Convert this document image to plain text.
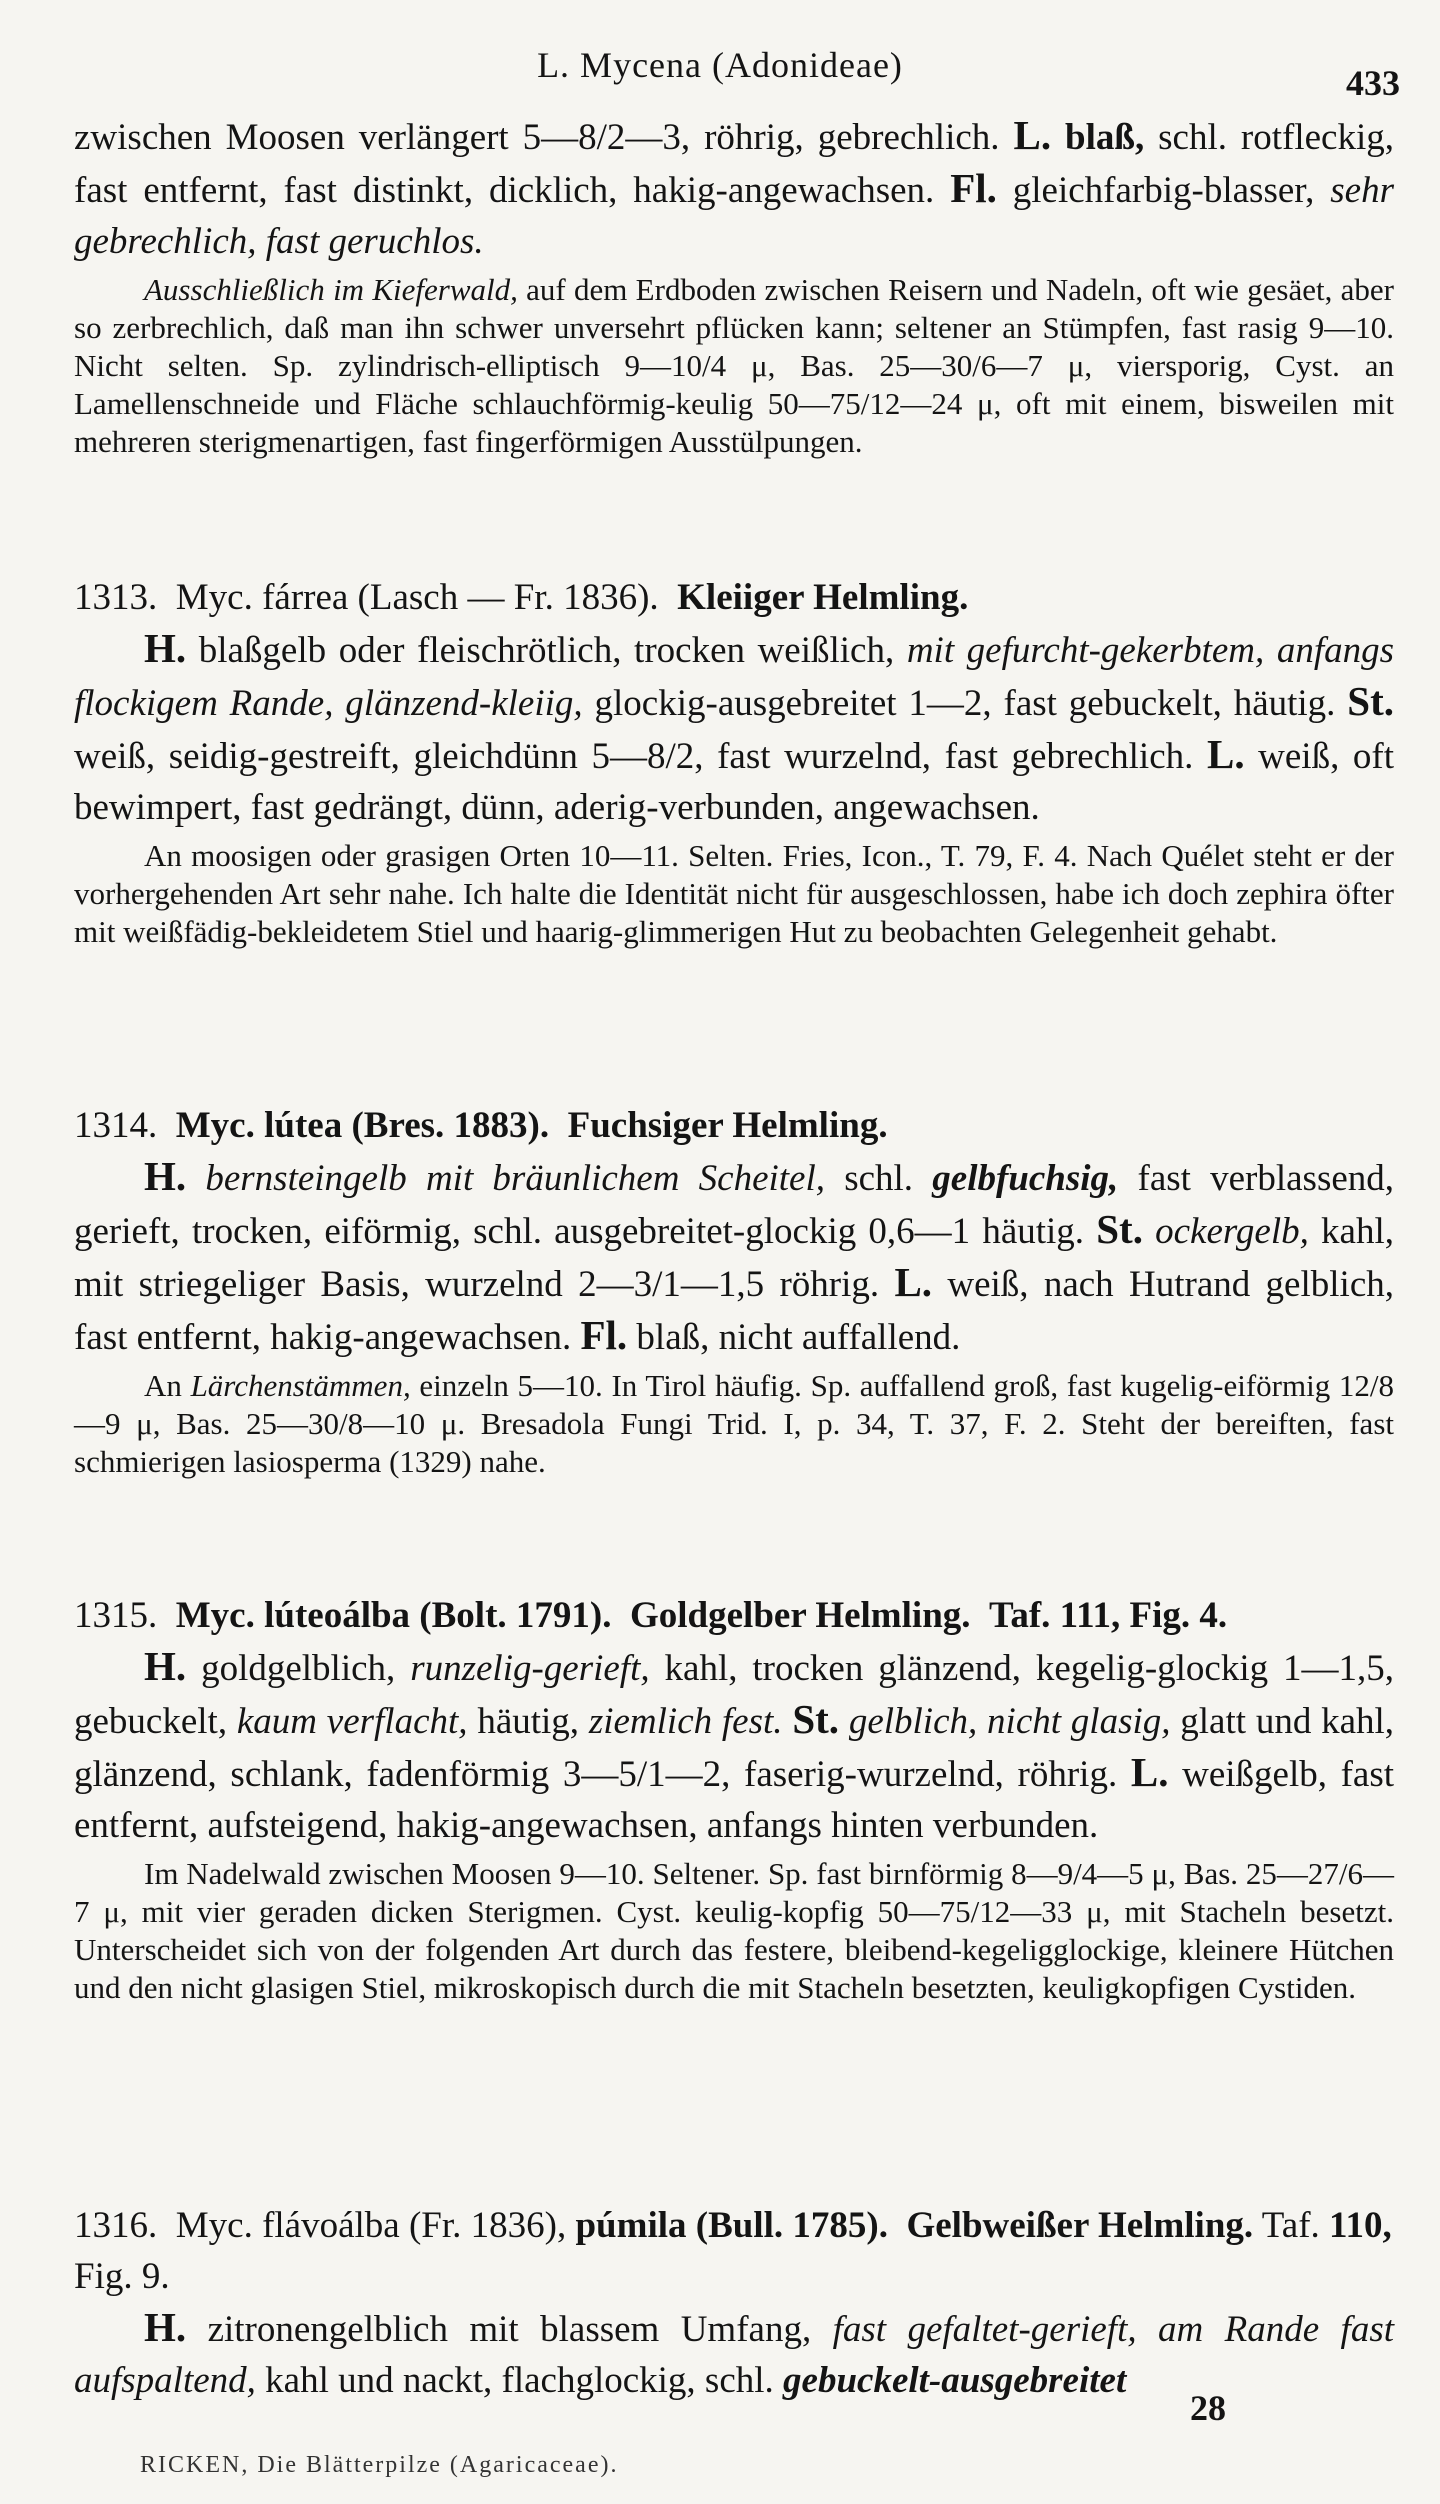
L. Mycena (Adonideae)	433

zwischen Moosen verlängert 5—8/2—3, röhrig, gebrechlich. L. blaß, schl. rotfleckig, fast entfernt, fast distinkt, dicklich, hakig-angewachsen. Fl. gleichfarbig-blasser, sehr gebrechlich, fast geruchlos.

Ausschließlich im Kieferwald, auf dem Erdboden zwischen Reisern und Nadeln, oft wie gesäet, aber so zerbrechlich, daß man ihn schwer unversehrt pflücken kann; seltener an Stümpfen, fast rasig 9—10. Nicht selten. Sp. zylindrisch-elliptisch 9—10/4 μ, Bas. 25—30/6—7 μ, viersporig, Cyst. an Lamellenschneide und Fläche schlauchförmig-keulig 50—75/12—24 μ, oft mit einem, bisweilen mit mehreren sterigmenartigen, fast fingerförmigen Ausstülpungen.

1313. Myc. fárrea (Lasch — Fr. 1836). Kleiiger Helmling.

H. blaßgelb oder fleischrötlich, trocken weißlich, mit gefurcht-gekerbtem, anfangs flockigem Rande, glänzend-kleiig, glockig-ausgebreitet 1—2, fast gebuckelt, häutig. St. weiß, seidig-gestreift, gleichdünn 5—8/2, fast wurzelnd, fast gebrechlich. L. weiß, oft bewimpert, fast gedrängt, dünn, aderig-verbunden, angewachsen.

An moosigen oder grasigen Orten 10—11. Selten. Fries, Icon., T. 79, F. 4. Nach Quélet steht er der vorhergehenden Art sehr nahe. Ich halte die Identität nicht für ausgeschlossen, habe ich doch zephira öfter mit weißfädig-bekleidetem Stiel und haarig-glimmerigen Hut zu beobachten Gelegenheit gehabt.

1314. Myc. lútea (Bres. 1883). Fuchsiger Helmling.

H. bernsteingelb mit bräunlichem Scheitel, schl. gelbfuchsig, fast verblassend, gerieft, trocken, eiförmig, schl. ausgebreitet-glockig 0,6—1 häutig. St. ockergelb, kahl, mit striegeliger Basis, wurzelnd 2—3/1—1,5 röhrig. L. weiß, nach Hutrand gelblich, fast entfernt, hakig-angewachsen. Fl. blaß, nicht auffallend.

An Lärchenstämmen, einzeln 5—10. In Tirol häufig. Sp. auffallend groß, fast kugelig-eiförmig 12/8—9 μ, Bas. 25—30/8—10 μ. Bresadola Fungi Trid. I, p. 34, T. 37, F. 2. Steht der bereiften, fast schmierigen lasiosperma (1329) nahe.

1315. Myc. lúteoálba (Bolt. 1791). Goldgelber Helmling. Taf. 111, Fig. 4.

H. goldgelblich, runzelig-gerieft, kahl, trocken glänzend, kegelig-glockig 1—1,5, gebuckelt, kaum verflacht, häutig, ziemlich fest. St. gelblich, nicht glasig, glatt und kahl, glänzend, schlank, fadenförmig 3—5/1—2, faserig-wurzelnd, röhrig. L. weißgelb, fast entfernt, aufsteigend, hakig-angewachsen, anfangs hinten verbunden.

Im Nadelwald zwischen Moosen 9—10. Seltener. Sp. fast birnförmig 8—9/4—5 μ, Bas. 25—27/6—7 μ, mit vier geraden dicken Sterigmen. Cyst. keulig-kopfig 50—75/12—33 μ, mit Stacheln besetzt. Unterscheidet sich von der folgenden Art durch das festere, bleibend-kegeligglockige, kleinere Hütchen und den nicht glasigen Stiel, mikroskopisch durch die mit Stacheln besetzten, keuligkopfigen Cystiden.

1316. Myc. flávoálba (Fr. 1836), púmila (Bull. 1785). Gelbweißer Helmling. Taf. 110, Fig. 9.

H. zitronengelblich mit blassem Umfang, fast gefaltet-gerieft, am Rande fast aufspaltend, kahl und nackt, flachglockig, schl. gebuckelt-ausgebreitet

28
RICKEN, Die Blätterpilze (Agaricaceae).
